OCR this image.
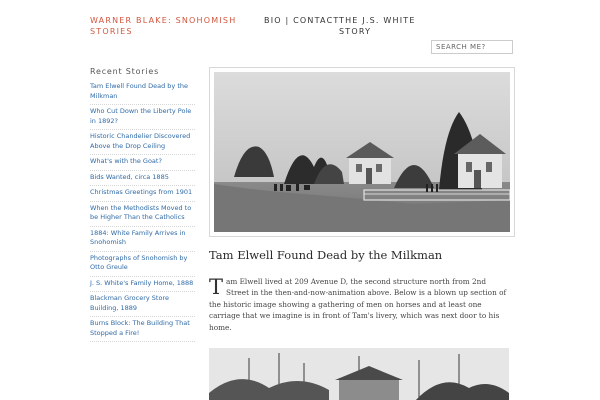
WARNER BLAKE: SNOHOMISH STORIES
BIO | CONTACT THE J.S. WHITE STORY
SEARCH ME?
Recent Stories
Tam Elwell Found Dead by the Milkman
Who Cut Down the Liberty Pole in 1892?
Historic Chandelier Discovered Above the Drop Ceiling
What's with the Goat?
Bids Wanted, circa 1885
Christmas Greetings from 1901
When the Methodists Moved to be Higher Than the Catholics
1884: White Family Arrives in Snohomish
Photographs of Snohomish by Otto Greule
J. S. White's Family Home, 1888
Blackman Grocery Store Building, 1889
Burns Block: The Building That Stopped a Fire!
Tam Elwell Found Dead by the Milkman

Tam Elwell lived at 209 Avenue D, the second structure north from 2nd Street in the then-and-now-animation above. Below is a blown up section of the historic image showing a gathering of men on horses and at least one carriage that we imagine is in front of Tam's livery, which was next door to his home.
